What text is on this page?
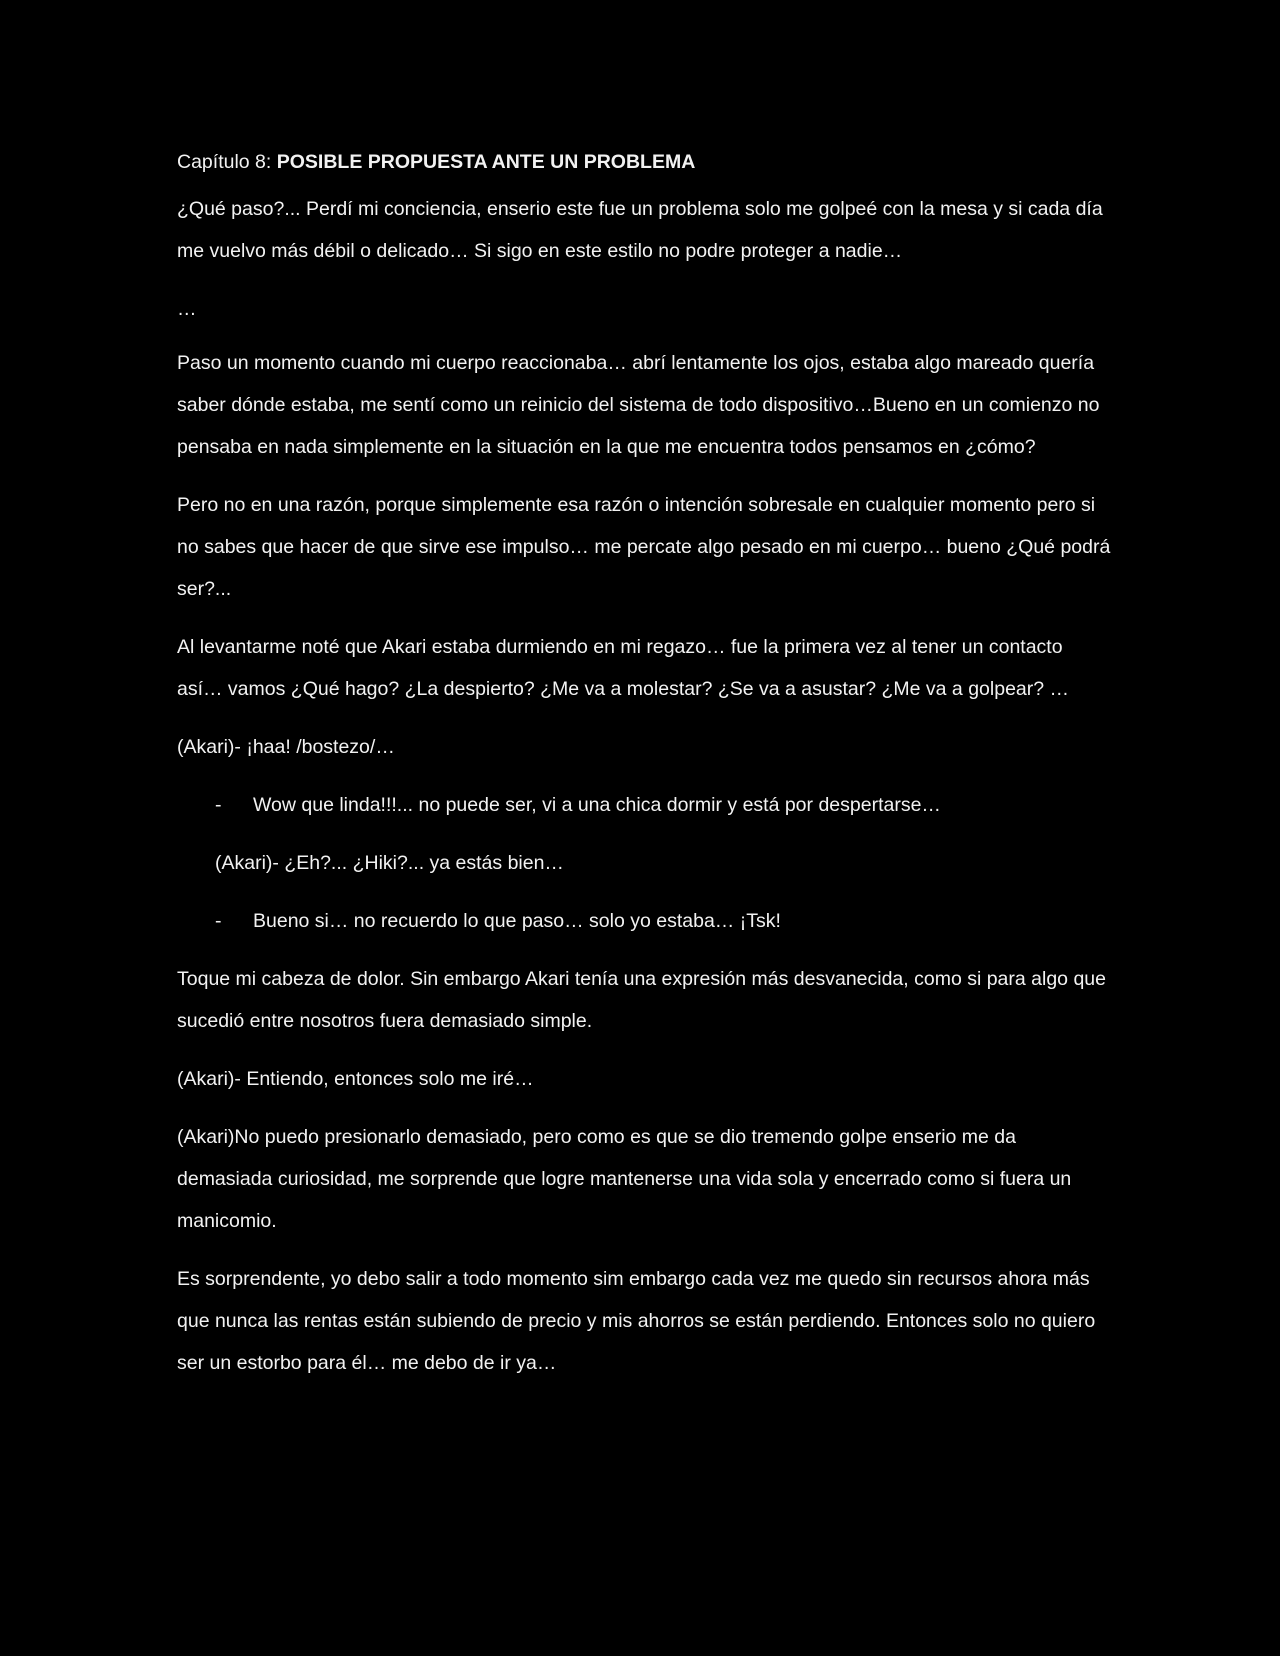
Capítulo 8: POSIBLE PROPUESTA ANTE UN PROBLEMA

¿Qué paso?... Perdí mi conciencia, enserio este fue un problema solo me golpeé con la mesa y si cada día me vuelvo más débil o delicado… Si sigo en este estilo no podre proteger a nadie…

…

Paso un momento cuando mi cuerpo reaccionaba… abrí lentamente los ojos, estaba algo mareado quería saber dónde estaba, me sentí como un reinicio del sistema de todo dispositivo…Bueno en un comienzo no pensaba en nada simplemente en la situación en la que me encuentra todos pensamos en ¿cómo?

Pero no en una razón, porque simplemente esa razón o intención sobresale en cualquier momento pero si no sabes que hacer de que sirve ese impulso… me percate algo pesado en mi cuerpo… bueno ¿Qué podrá ser?...

Al levantarme noté que Akari estaba durmiendo en mi regazo… fue la primera vez al tener un contacto así… vamos ¿Qué hago? ¿La despierto? ¿Me va a molestar? ¿Se va a asustar? ¿Me va a golpear? …

(Akari)- ¡haa! /bostezo/…

-	Wow que linda!!!... no puede ser, vi a una chica dormir y está por despertarse…
(Akari)- ¿Eh?... ¿Hiki?... ya estás bien…
-	Bueno si… no recuerdo lo que paso… solo yo estaba… ¡Tsk!

Toque mi cabeza de dolor. Sin embargo Akari tenía una expresión más desvanecida, como si para algo que sucedió entre nosotros fuera demasiado simple.

(Akari)- Entiendo, entonces solo me iré…

(Akari)No puedo presionarlo demasiado, pero como es que se dio tremendo golpe enserio me da demasiada curiosidad, me sorprende que logre mantenerse una vida sola y encerrado como si fuera un manicomio.

Es sorprendente, yo debo salir a todo momento sim embargo cada vez me quedo sin recursos ahora más que nunca las rentas están subiendo de precio y mis ahorros se están perdiendo. Entonces solo no quiero ser un estorbo para él… me debo de ir ya…
